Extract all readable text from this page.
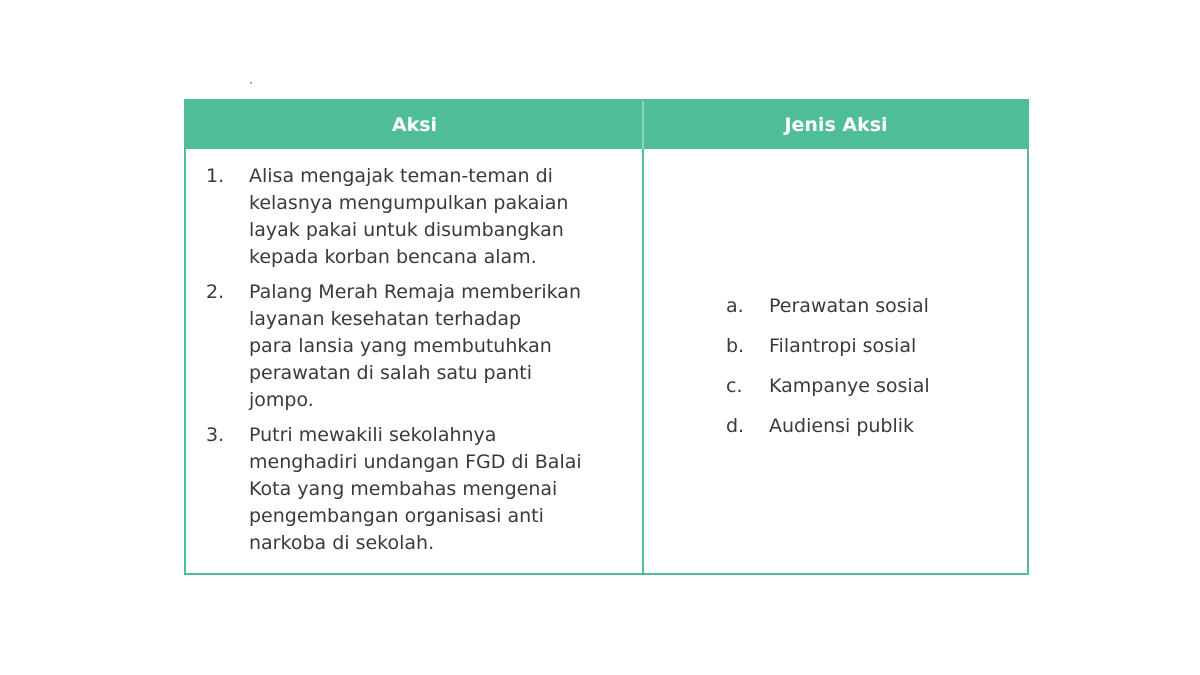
·
Aksi	Jenis Aksi
1.	Alisa mengajak teman-teman di
kelasnya mengumpulkan pakaian
layak pakai untuk disumbangkan
kepada korban bencana alam.
2.	Palang Merah Remaja memberikan
layanan kesehatan terhadap
para lansia yang membutuhkan
perawatan di salah satu panti
jompo.
3.	Putri mewakili sekolahnya
menghadiri undangan FGD di Balai
Kota yang membahas mengenai
pengembangan organisasi anti
narkoba di sekolah.
a.	Perawatan sosial
b.	Filantropi sosial
c.	Kampanye sosial
d.	Audiensi publik
